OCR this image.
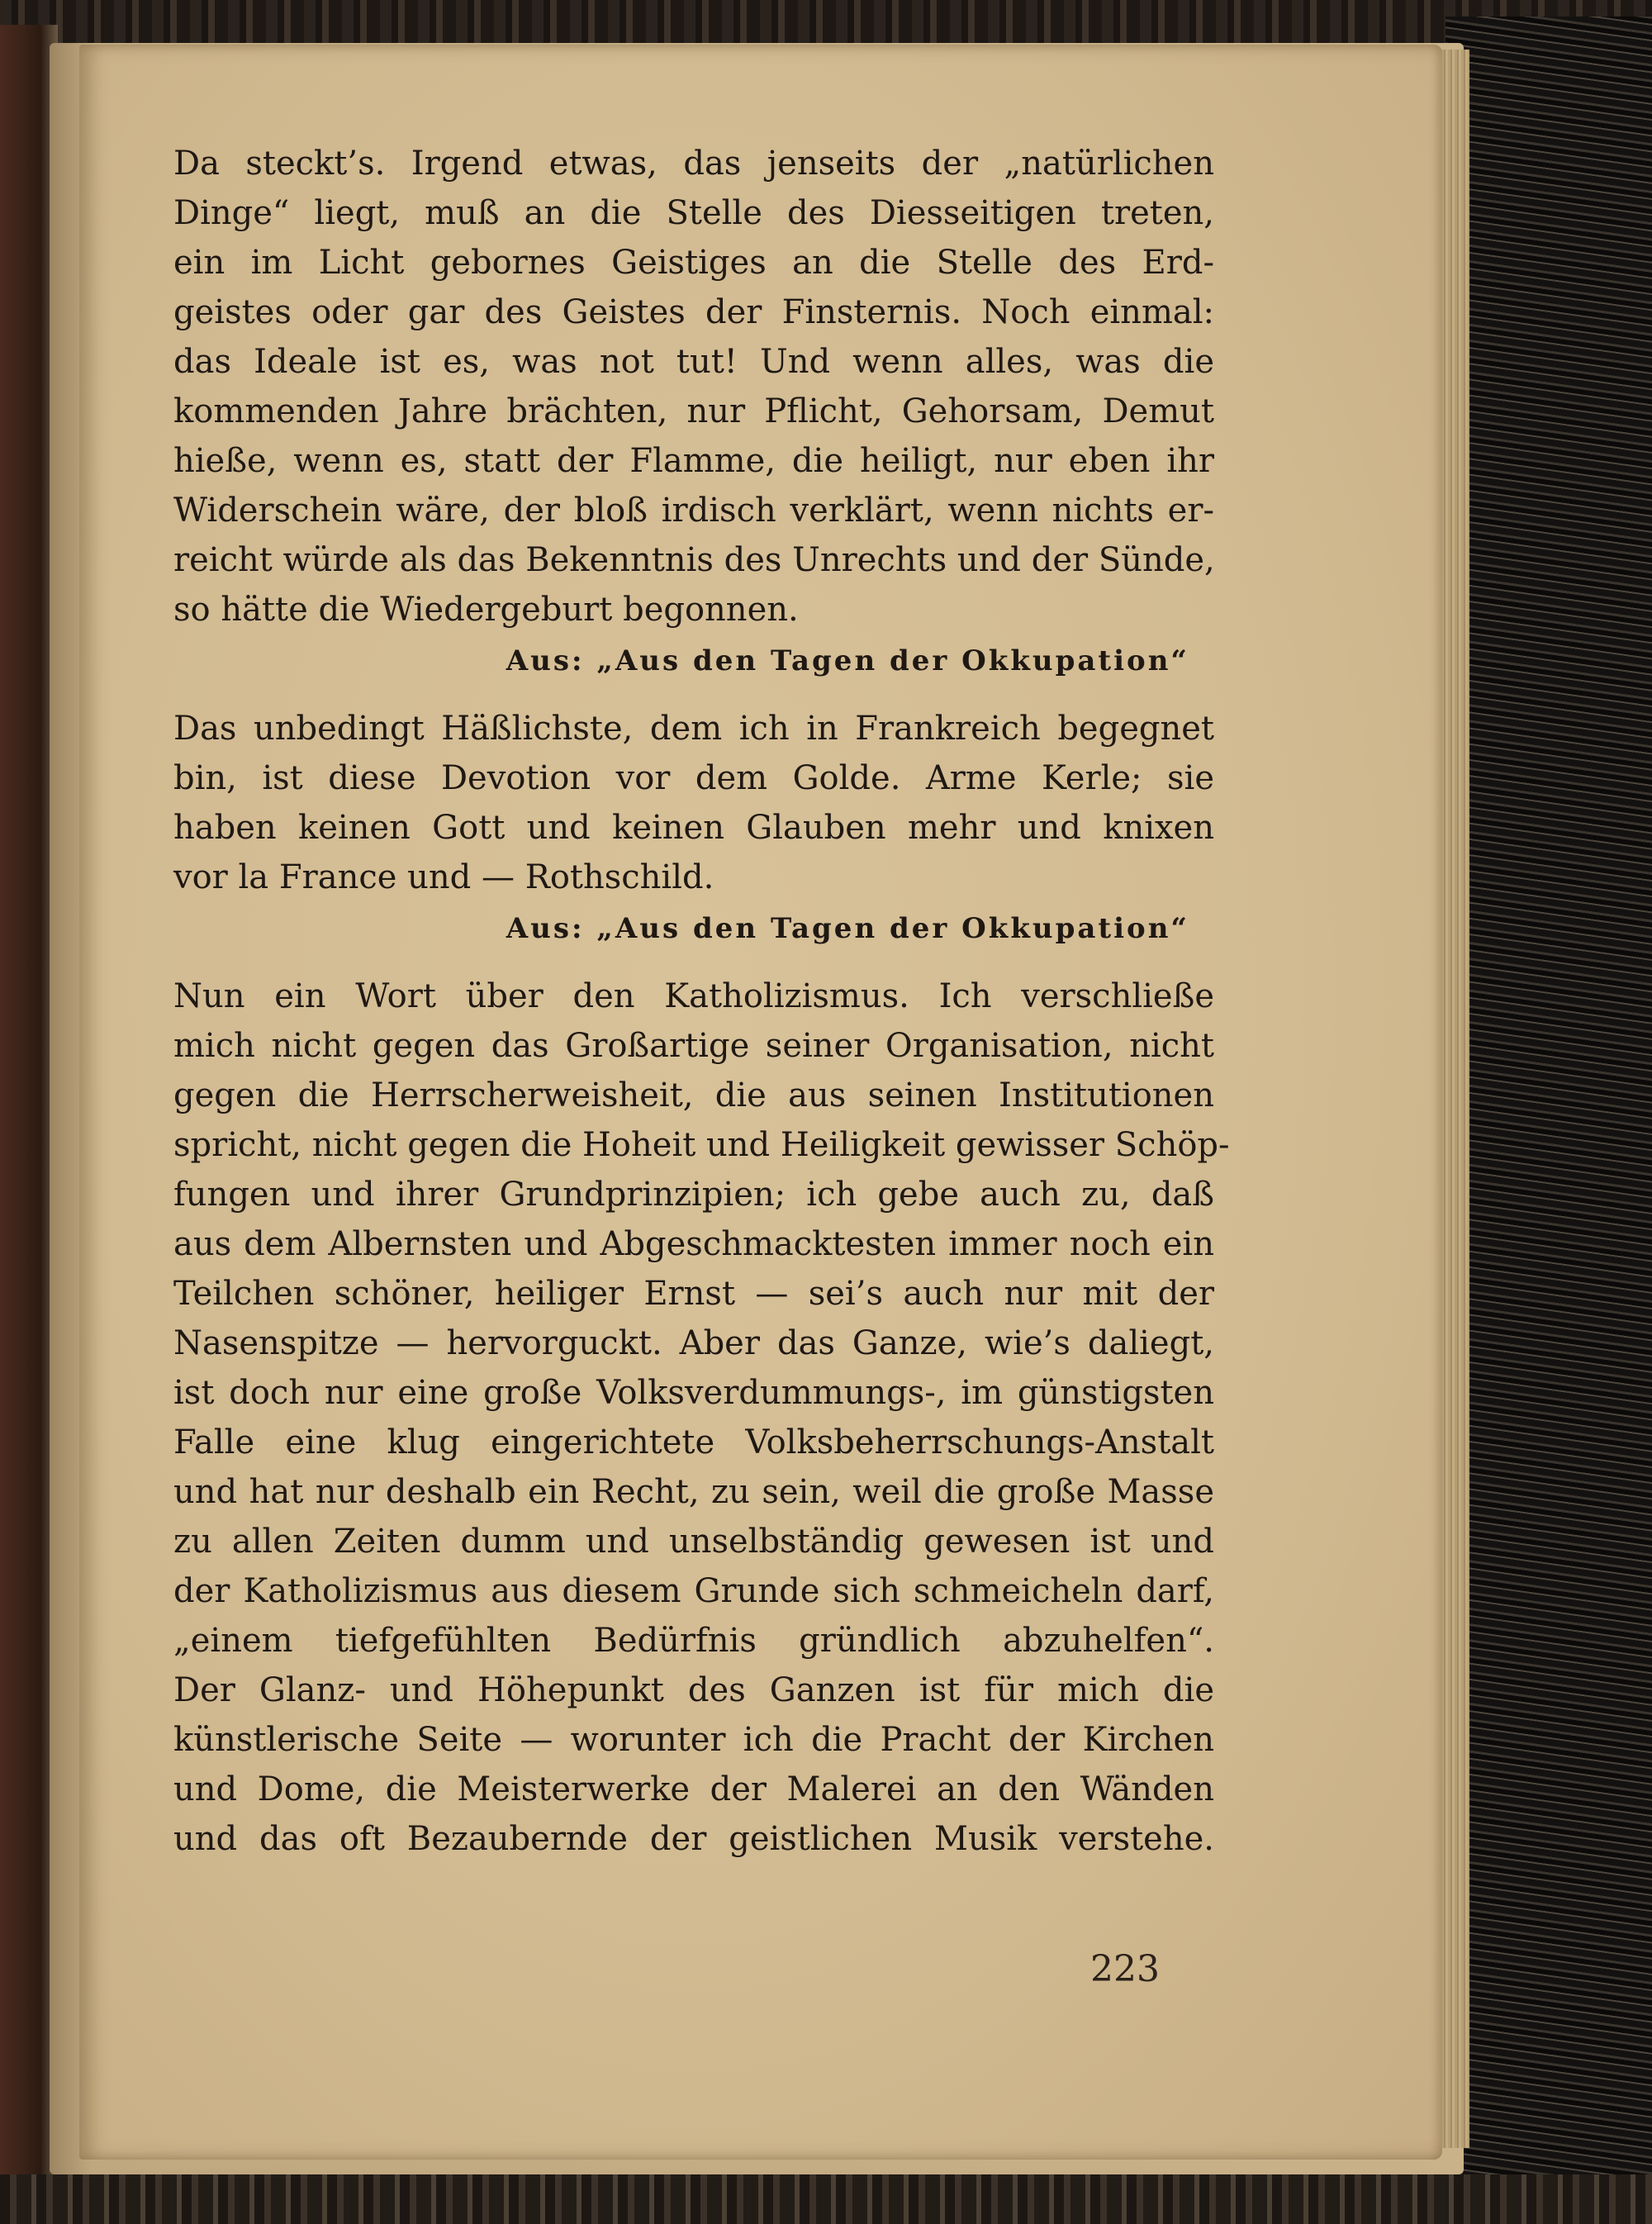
Da steckt’s. Irgend etwas, das jenseits der „natürlichen
Dinge“ liegt, muß an die Stelle des Diesseitigen treten,
ein im Licht gebornes Geistiges an die Stelle des Erd-
geistes oder gar des Geistes der Finsternis. Noch einmal:
das Ideale ist es, was not tut! Und wenn alles, was die
kommenden Jahre brächten, nur Pflicht, Gehorsam, Demut
hieße, wenn es, statt der Flamme, die heiligt, nur eben ihr
Widerschein wäre, der bloß irdisch verklärt, wenn nichts er-
reicht würde als das Bekenntnis des Unrechts und der Sünde,
so hätte die Wiedergeburt begonnen.
Aus: „Aus den Tagen der Okkupation“
Das unbedingt Häßlichste, dem ich in Frankreich begegnet
bin, ist diese Devotion vor dem Golde. Arme Kerle; sie
haben keinen Gott und keinen Glauben mehr und knixen
vor la France und — Rothschild.
Aus: „Aus den Tagen der Okkupation“
Nun ein Wort über den Katholizismus. Ich verschließe
mich nicht gegen das Großartige seiner Organisation, nicht
gegen die Herrscherweisheit, die aus seinen Institutionen
spricht, nicht gegen die Hoheit und Heiligkeit gewisser Schöp-
fungen und ihrer Grundprinzipien; ich gebe auch zu, daß
aus dem Albernsten und Abgeschmacktesten immer noch ein
Teilchen schöner, heiliger Ernst — sei’s auch nur mit der
Nasenspitze — hervorguckt. Aber das Ganze, wie’s daliegt,
ist doch nur eine große Volksverdummungs-, im günstigsten
Falle eine klug eingerichtete Volksbeherrschungs-Anstalt
und hat nur deshalb ein Recht, zu sein, weil die große Masse
zu allen Zeiten dumm und unselbständig gewesen ist und
der Katholizismus aus diesem Grunde sich schmeicheln darf,
„einem tiefgefühlten Bedürfnis gründlich abzuhelfen“.
Der Glanz- und Höhepunkt des Ganzen ist für mich die
künstlerische Seite — worunter ich die Pracht der Kirchen
und Dome, die Meisterwerke der Malerei an den Wänden
und das oft Bezaubernde der geistlichen Musik verstehe.
223
